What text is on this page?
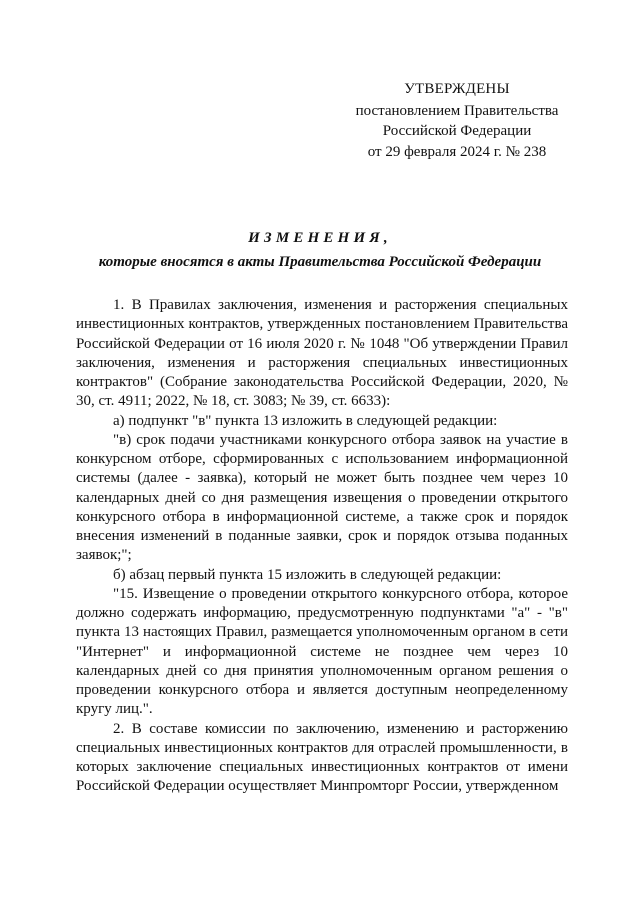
УТВЕРЖДЕНЫ
постановлением Правительства
Российской Федерации
от 29 февраля 2024 г. № 238
ИЗМЕНЕНИЯ,
которые вносятся в акты Правительства Российской Федерации

1. В Правилах заключения, изменения и расторжения специальных инвестиционных контрактов, утвержденных постановлением Правительства Российской Федерации от 16 июля 2020 г. № 1048 "Об утверждении Правил заключения, изменения и расторжения специальных инвестиционных контрактов" (Собрание законодательства Российской Федерации, 2020, № 30, ст. 4911; 2022, № 18, ст. 3083; № 39, ст. 6633):

а) подпункт "в" пункта 13 изложить в следующей редакции:

"в) срок подачи участниками конкурсного отбора заявок на участие в конкурсном отборе, сформированных с использованием информационной системы (далее - заявка), который не может быть позднее чем через 10 календарных дней со дня размещения извещения о проведении открытого конкурсного отбора в информационной системе, а также срок и порядок внесения изменений в поданные заявки, срок и порядок отзыва поданных заявок;";

б) абзац первый пункта 15 изложить в следующей редакции:

"15. Извещение о проведении открытого конкурсного отбора, которое должно содержать информацию, предусмотренную подпунктами "а" - "в" пункта 13 настоящих Правил, размещается уполномоченным органом в сети "Интернет" и информационной системе не позднее чем через 10 календарных дней со дня принятия уполномоченным органом решения о проведении конкурсного отбора и является доступным неопределенному кругу лиц.".

2. В составе комиссии по заключению, изменению и расторжению специальных инвестиционных контрактов для отраслей промышленности, в которых заключение специальных инвестиционных контрактов от имени Российской Федерации осуществляет Минпромторг России, утвержденном
